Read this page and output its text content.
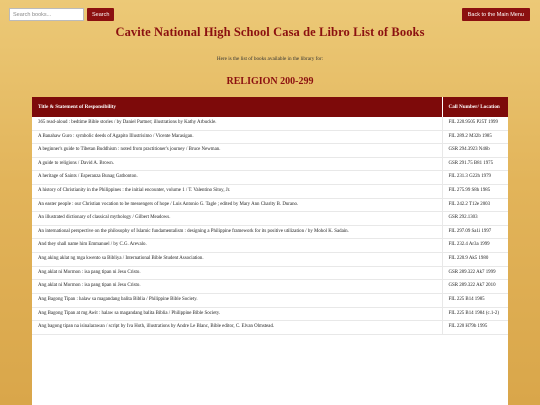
Search books...
Search	Back to the Main Menu
Cavite National High School Casa de Libro List of Books

Here is the list of books available in the library for:

RELIGION 200-299
Title & Statement of Responsibility	Call Number/ Location
365 read-aloud : bedtime Bible stories / by Daniel Partner; illustrations by Kathy Arbuckle.	FIL 220.9505 P25T 1999
A Banahaw Guro : symbolic deeds of Agapito Illustrisimo / Vicente Marasigan.	FIL 289.2 M32b 1985
A beginner's guide to Tibetan Buddhism : noted from practitioner's journey / Bruce Newman.	GSR 294.3923 N46b
A guide to religions / David A. Brown.	GSR 291.75 B81 1975
A heritage of Saints / Esperanza Bunag Gatbonton.	FIL 231.3 G22h 1979
A history of Christianity in the Philippines : the initial encounter, volume 1 / T. Valentino Sitoy, Jr.	FIL 275.99 S8h 1985
An easter people : our Christian vocation to be messengers of hope / Luis Antonio G. Tagle ; edited by Mary Ann Charity B. Durano.	FIL 242.2 T12e 2003
An illustrated dictionary of classical mythology / Gilbert Meadows.	GSR 292.1303
An international perspective on the philosophy of Islamic fundamentalism : designing a Philippine framework for its positive utilization / by Mohol K. Sadain.	FIL 297.09 Sa1i 1997
And they shall name him Emmanuel / by C.G. Arevalo.	FIL 232.4 Ar3a 1999
Ang aking aklat ng mga kwento sa Bibliya / International Bible Student Association.	FIL 220.9 Ak5 1980
Ang aklat ni Mormon : isa pang tipan ni Jesu Cristo.	GSR 289.322 Ak7 1999
Ang aklat ni Mormon : isa pang tipan ni Jesu Cristo.	GSR 289.322 Ak7 2010
Ang Bagong Tipan : halaw sa magandang balita Biblia / Philippine Bible Society.	FIL 225 B14 1985
Ang Bagong Tipan at mg Awit : halaw sa magandang balita Biblia / Philippine Bible Society.	FIL 225 B14 1984 (c.1-2)
Ang bagong tipan na isinalarawan / script by Iva Hoth, illustrations by Andre Le Blanc, Bible editor, C. Elvan Olmstead.	FIL 220 H79b 1995
